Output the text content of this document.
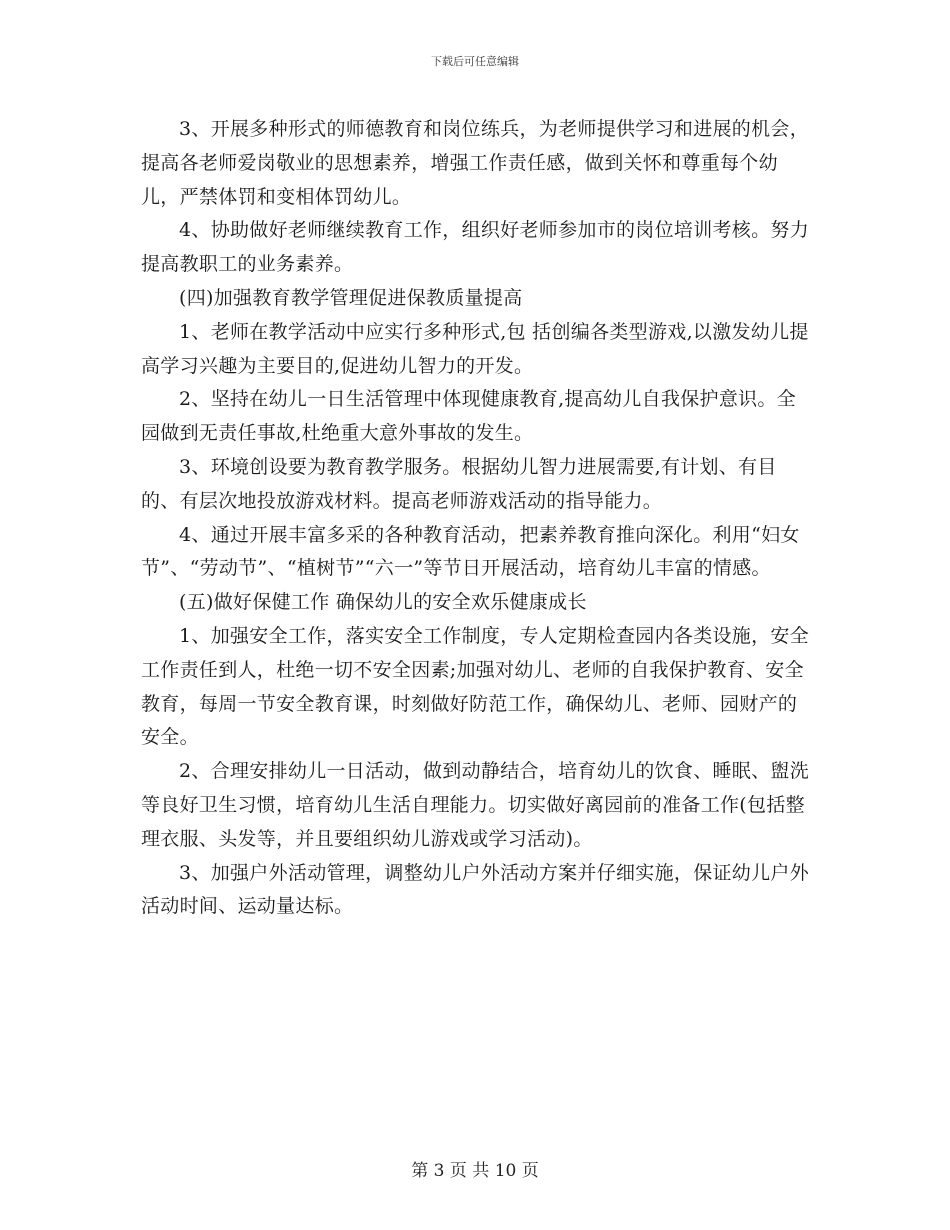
下载后可任意编辑

3、开展多种形式的师德教育和岗位练兵，为老师提供学习和进展的机会，提高各老师爱岗敬业的思想素养，增强工作责任感，做到关怀和尊重每个幼儿，严禁体罚和变相体罚幼儿。

4、协助做好老师继续教育工作，组织好老师参加市的岗位培训考核。努力提高教职工的业务素养。

(四)加强教育教学管理促进保教质量提高

1、老师在教学活动中应实行多种形式,包 括创编各类型游戏,以激发幼儿提高学习兴趣为主要目的,促进幼儿智力的开发。

2、坚持在幼儿一日生活管理中体现健康教育,提高幼儿自我保护意识。全园做到无责任事故,杜绝重大意外事故的发生。

3、环境创设要为教育教学服务。根据幼儿智力进展需要,有计划、有目的、有层次地投放游戏材料。提高老师游戏活动的指导能力。

4、通过开展丰富多采的各种教育活动，把素养教育推向深化。利用“妇女节”、“劳动节”、“植树节”“六一”等节日开展活动，培育幼儿丰富的情感。

(五)做好保健工作 确保幼儿的安全欢乐健康成长

1、加强安全工作，落实安全工作制度，专人定期检查园内各类设施，安全工作责任到人，杜绝一切不安全因素;加强对幼儿、老师的自我保护教育、安全教育，每周一节安全教育课，时刻做好防范工作，确保幼儿、老师、园财产的安全。

2、合理安排幼儿一日活动，做到动静结合，培育幼儿的饮食、睡眠、盥洗等良好卫生习惯，培育幼儿生活自理能力。切实做好离园前的准备工作(包括整理衣服、头发等，并且要组织幼儿游戏或学习活动)。

3、加强户外活动管理，调整幼儿户外活动方案并仔细实施，保证幼儿户外活动时间、运动量达标。

第 3 页 共 10 页
